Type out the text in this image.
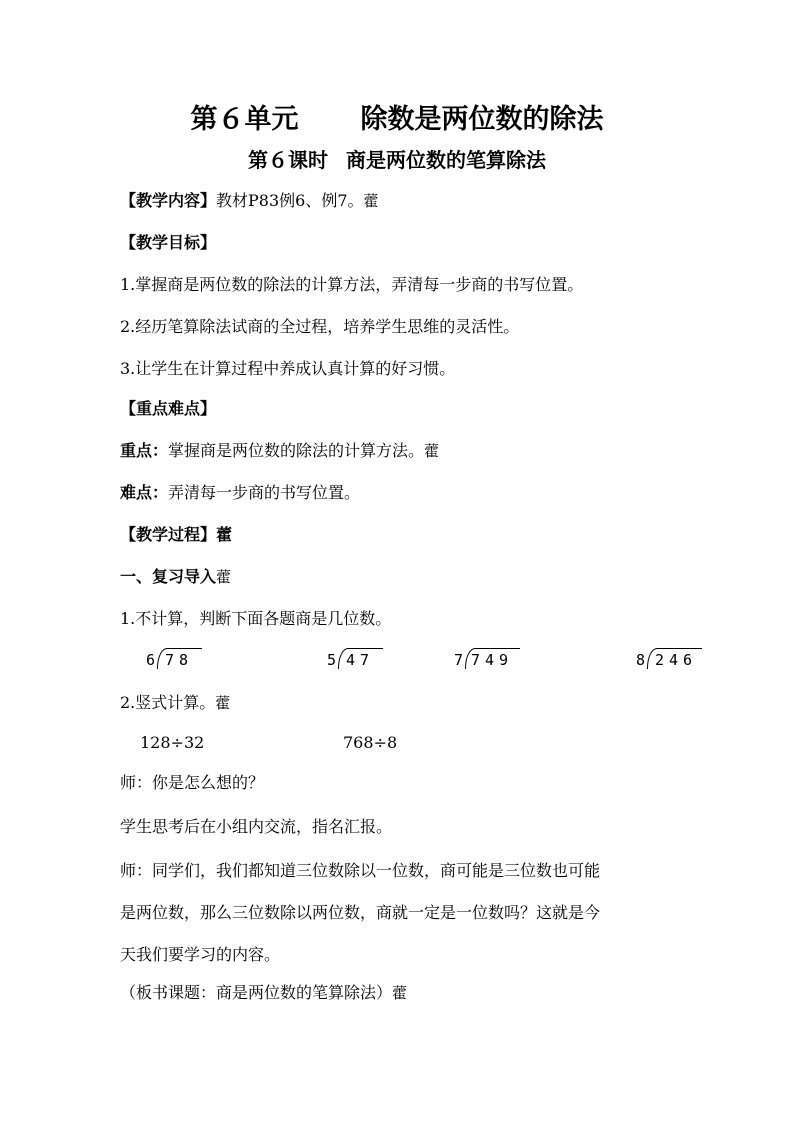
第６单元 除数是两位数的除法
第６课时 商是两位数的笔算除法
【教学内容】教材P83例6、例7。藿
【教学目标】
1.掌握商是两位数的除法的计算方法，弄清每一步商的书写位置。
2.经历笔算除法试商的全过程，培养学生思维的灵活性。
3.让学生在计算过程中养成认真计算的好习惯。
【重点难点】
重点：掌握商是两位数的除法的计算方法。藿
难点：弄清每一步商的书写位置。
【教学过程】藿
一、复习导入藿
1.不计算，判断下面各题商是几位数。
6 78	5 47	7 749	8 246
2.竖式计算。藿
128÷32	768÷8
师：你是怎么想的？
学生思考后在小组内交流，指名汇报。
师：同学们，我们都知道三位数除以一位数，商可能是三位数也可能
是两位数，那么三位数除以两位数，商就一定是一位数吗？这就是今
天我们要学习的内容。
（板书课题：商是两位数的笔算除法）藿
